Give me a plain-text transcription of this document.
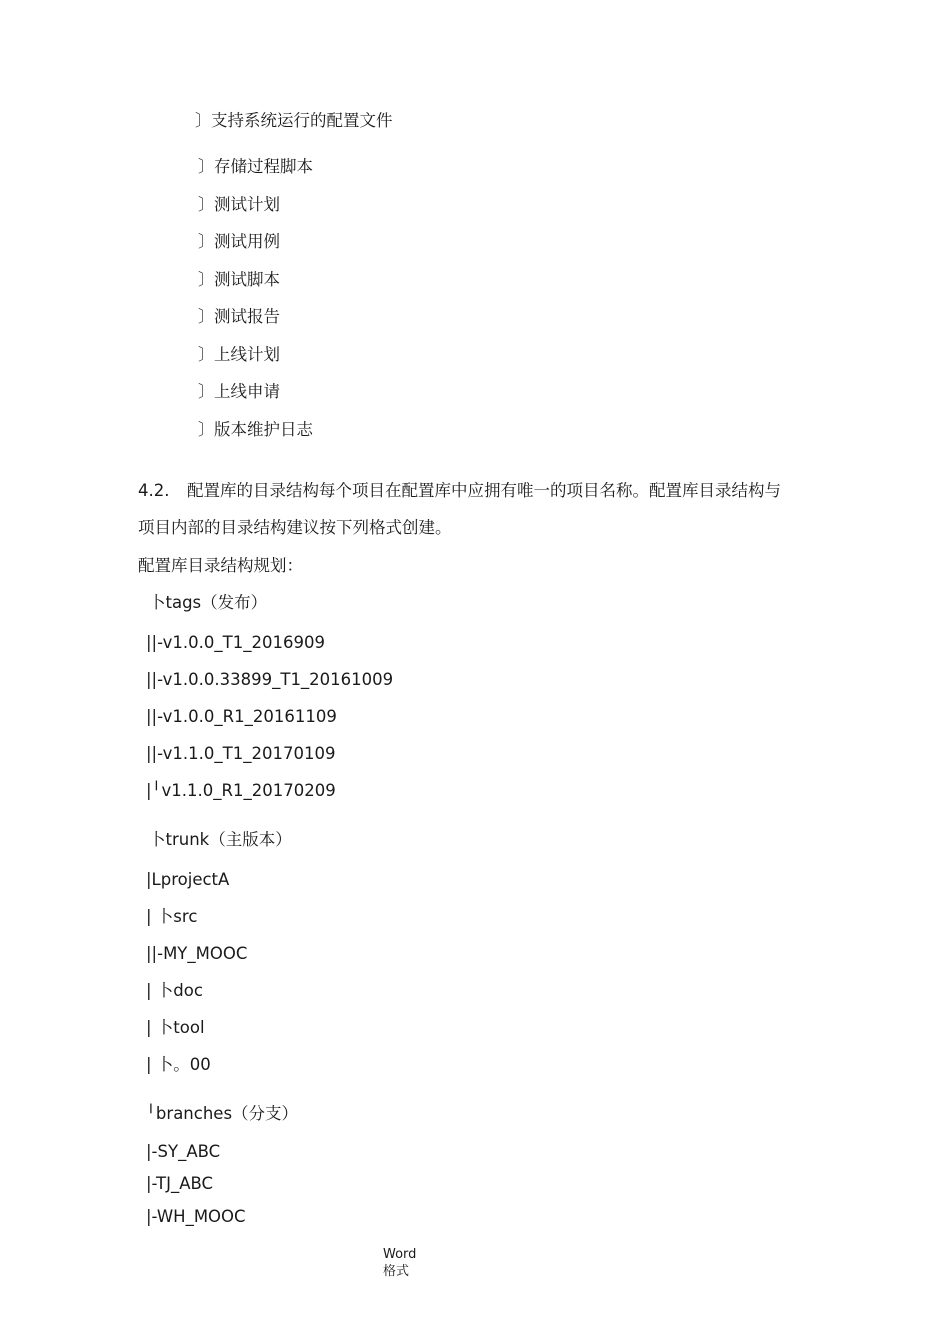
〕支持系统运行的配置文件
〕存储过程脚本
〕测试计划
〕测试用例
〕测试脚本
〕测试报告
〕上线计划
〕上线申请
〕版本维护日志
4.2. 配置库的目录结构每个项目在配置库中应拥有唯一的项目名称。配置库目录结构与
项目内部的目录结构建议按下列格式创建。
配置库目录结构规划：
卜tags（发布）
||-v1.0.0_T1_2016909
||-v1.0.0.33899_T1_20161009
||-v1.0.0_R1_20161109
||-v1.1.0_T1_20170109
|╵v1.1.0_R1_20170209
卜trunk（主版本）
|LprojectA
| 卜src
||-MY_MOOC
| 卜doc
| 卜tool
| 卜。00
╵branches（分支）
|-SY_ABC
|-TJ_ABC
|-WH_MOOC
Word
格式
